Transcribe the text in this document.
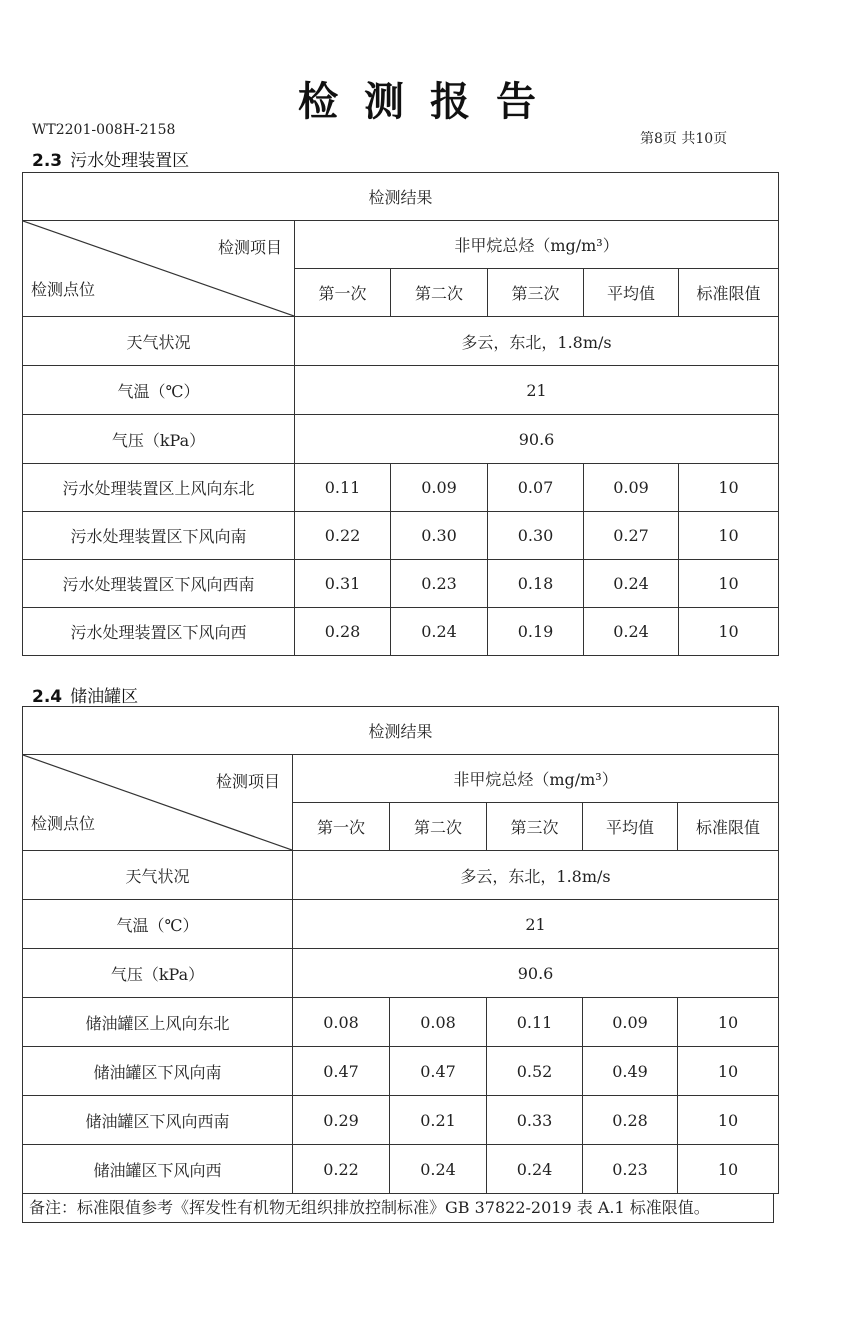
检测报告
WT2201-008H-2158
第8页 共10页
2.3 污水处理装置区
检测结果					

检测项目
检测点位	非甲烷总烃（mg/m³）				
	第一次	第二次	第三次	平均值	标准限值
天气状况	多云，东北，1.8m/s				
气温（℃）	21				
气压（kPa）	90.6				
污水处理装置区上风向东北	0.11	0.09	0.07	0.09	10
污水处理装置区下风向南	0.22	0.30	0.30	0.27	10
污水处理装置区下风向西南	0.31	0.23	0.18	0.24	10
污水处理装置区下风向西	0.28	0.24	0.19	0.24	10
2.4 储油罐区
检测结果					

检测项目
检测点位	非甲烷总烃（mg/m³）				
	第一次	第二次	第三次	平均值	标准限值
天气状况	多云，东北，1.8m/s				
气温（℃）	21				
气压（kPa）	90.6				
储油罐区上风向东北	0.08	0.08	0.11	0.09	10
储油罐区下风向南	0.47	0.47	0.52	0.49	10
储油罐区下风向西南	0.29	0.21	0.33	0.28	10
储油罐区下风向西	0.22	0.24	0.24	0.23	10
备注：标准限值参考《挥发性有机物无组织排放控制标准》GB 37822-2019 表 A.1 标准限值。
